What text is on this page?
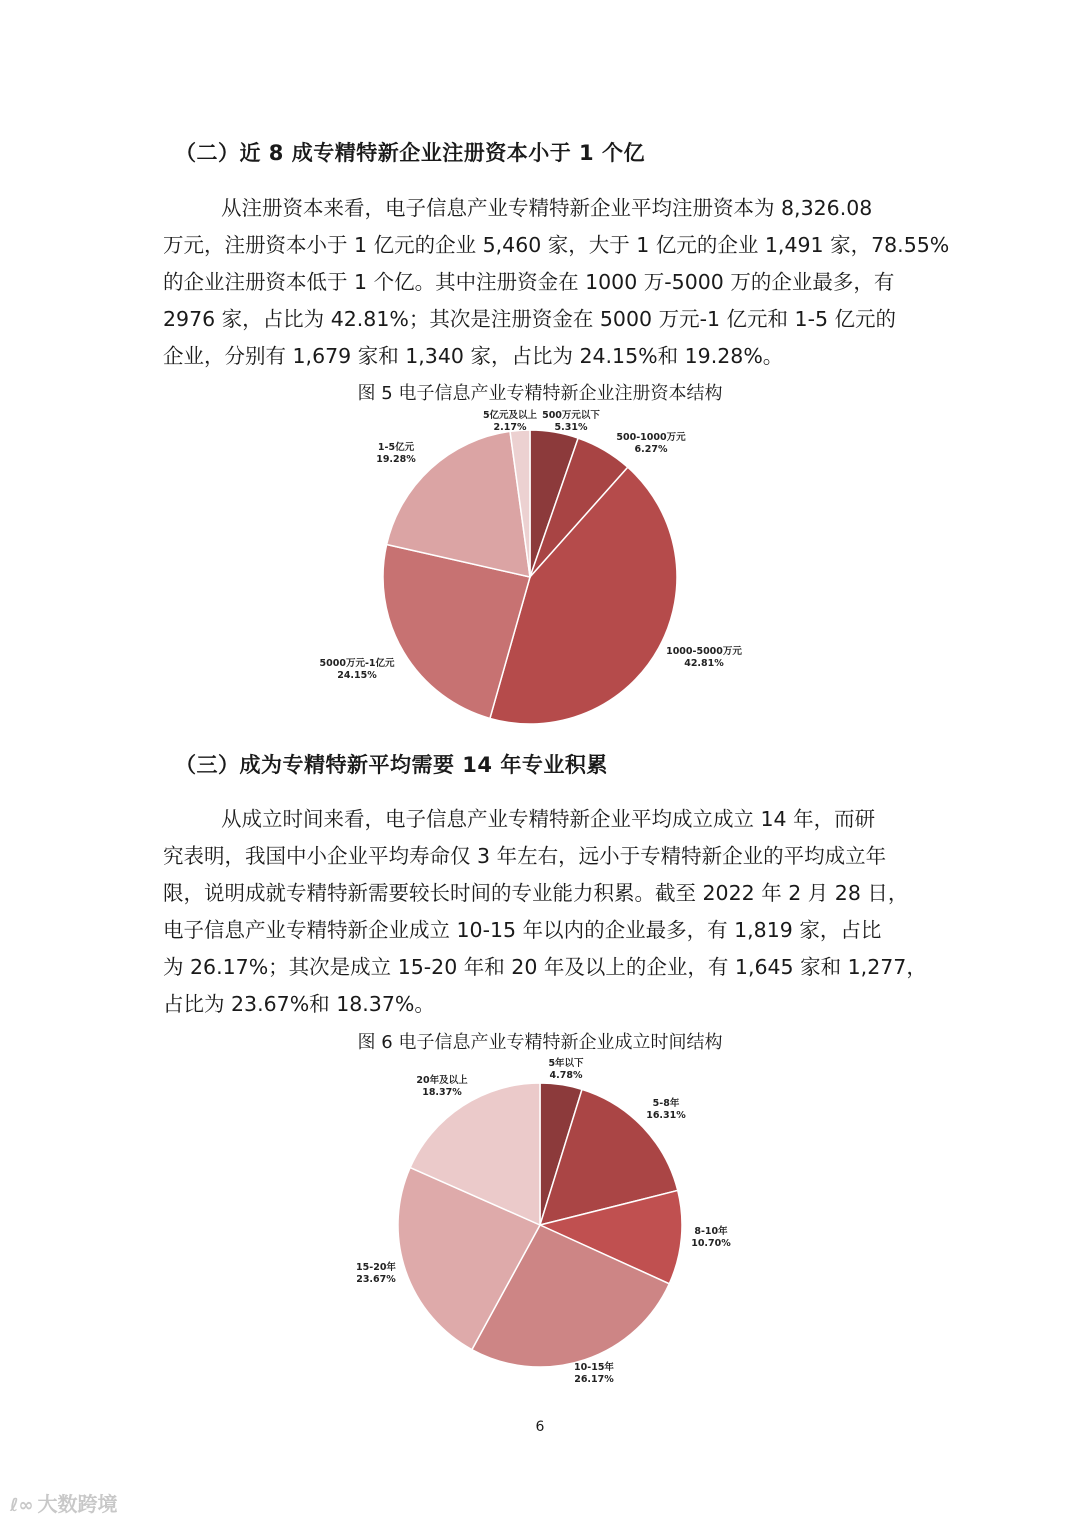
（二）近 8 成专精特新企业注册资本小于 1 个亿
从注册资本来看，电子信息产业专精特新企业平均注册资本为 8,326.08
万元，注册资本小于 1 亿元的企业 5,460 家，大于 1 亿元的企业 1,491 家，78.55%
的企业注册资本低于 1 个亿。其中注册资金在 1000 万-5000 万的企业最多，有
2976 家，占比为 42.81%；其次是注册资金在 5000 万元-1 亿元和 1-5 亿元的
企业，分别有 1,679 家和 1,340 家，占比为 24.15%和 19.28%。
图 5 电子信息产业专精特新企业注册资本结构
500万元以下
5.31%
500-1000万元
6.27%
1000-5000万元
42.81%
5000万元-1亿元
24.15%
1-5亿元
19.28%
5亿元及以上
2.17%
（三）成为专精特新平均需要 14 年专业积累
从成立时间来看，电子信息产业专精特新企业平均成立成立 14 年，而研
究表明，我国中小企业平均寿命仅 3 年左右，远小于专精特新企业的平均成立年
限，说明成就专精特新需要较长时间的专业能力积累。截至 2022 年 2 月 28 日，
电子信息产业专精特新企业成立 10-15 年以内的企业最多，有 1,819 家，占比
为 26.17%；其次是成立 15-20 年和 20 年及以上的企业，有 1,645 家和 1,277，
占比为 23.67%和 18.37%。
图 6 电子信息产业专精特新企业成立时间结构
5年以下
4.78%
5-8年
16.31%
8-10年
10.70%
10-15年
26.17%
15-20年
23.67%
20年及以上
18.37%
6
ℓ∞ 大数跨境
